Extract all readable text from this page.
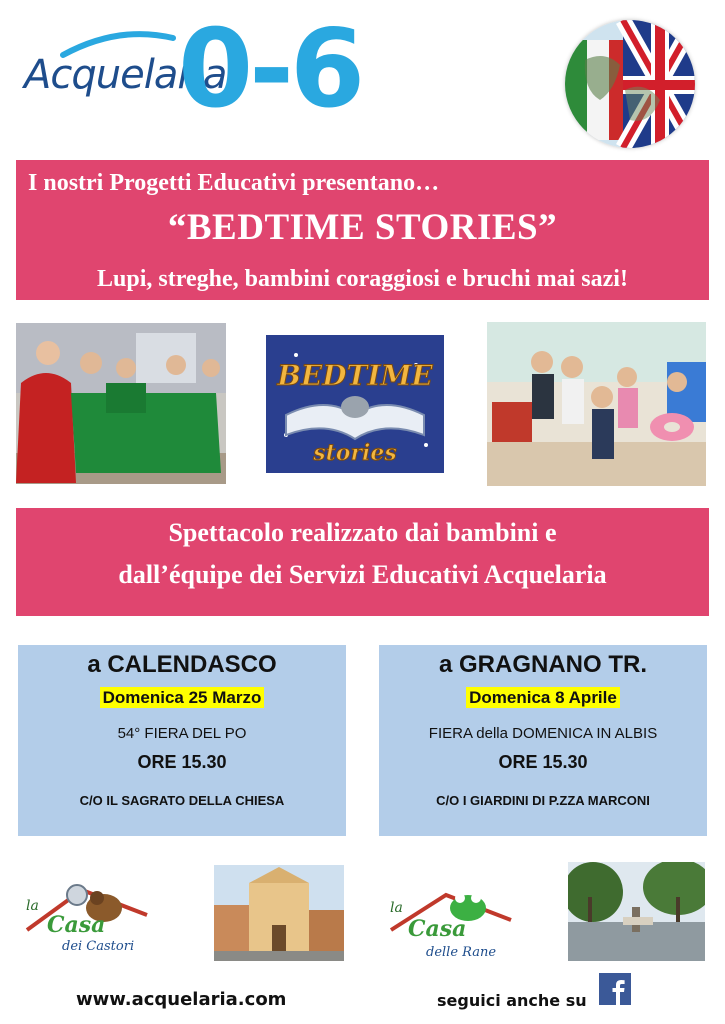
Acquelaria
0-6
I nostri Progetti Educativi presentano…
“BEDTIME STORIES”
Lupi, streghe, bambini coraggiosi e bruchi mai sazi!
BEDTIME
stories
Spettacolo realizzato dai bambini e
dall’équipe dei Servizi Educativi Acquelaria
a CALENDASCO
Domenica 25 Marzo
54° FIERA DEL PO
ORE 15.30
C/O IL SAGRATO DELLA CHIESA
a GRAGNANO TR.
Domenica 8 Aprile
FIERA della DOMENICA IN ALBIS
ORE 15.30
C/O I GIARDINI DI P.ZZA MARCONI
la
Casa
dei Castori
la
Casa
delle Rane
www.acquelaria.com	seguici anche su
